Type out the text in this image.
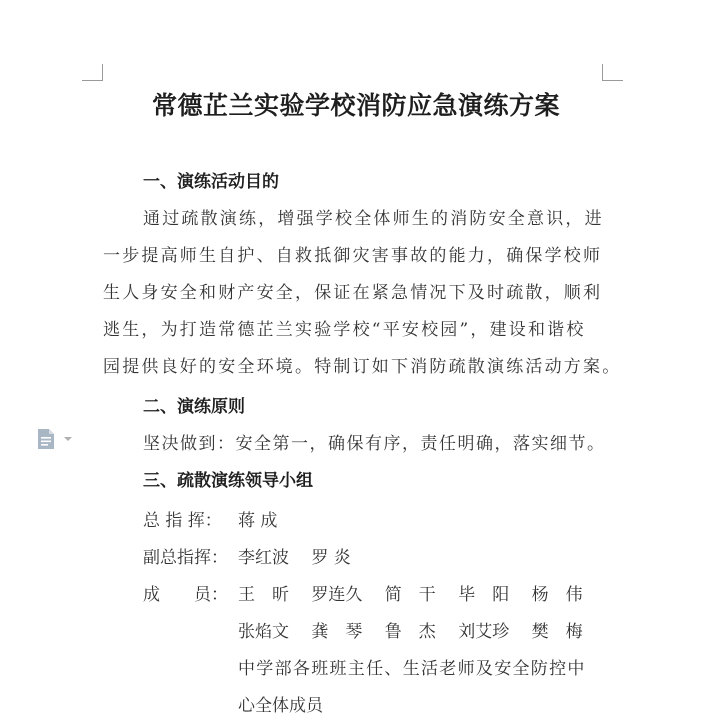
常德芷兰实验学校消防应急演练方案
一、演练活动目的
通过疏散演练，增强学校全体师生的消防安全意识，进
一步提高师生自护、自救抵御灾害事故的能力，确保学校师
生人身安全和财产安全，保证在紧急情况下及时疏散，顺利
逃生，为打造常德芷兰实验学校“平安校园”，建设和谐校
园提供良好的安全环境。特制订如下消防疏散演练活动方案。
二、演练原则
坚决做到：安全第一，确保有序，责任明确，落实细节。
三、疏散演练领导小组
总 指 挥： 蒋 成
副总指挥： 李红波　 罗 炎
成　　员： 王　昕　 罗连久　 简　干　 毕　阳　 杨　伟
张焰文　 龚　琴　 鲁　杰　 刘艾珍　 樊　梅
中学部各班班主任、生活老师及安全防控中
心全体成员
